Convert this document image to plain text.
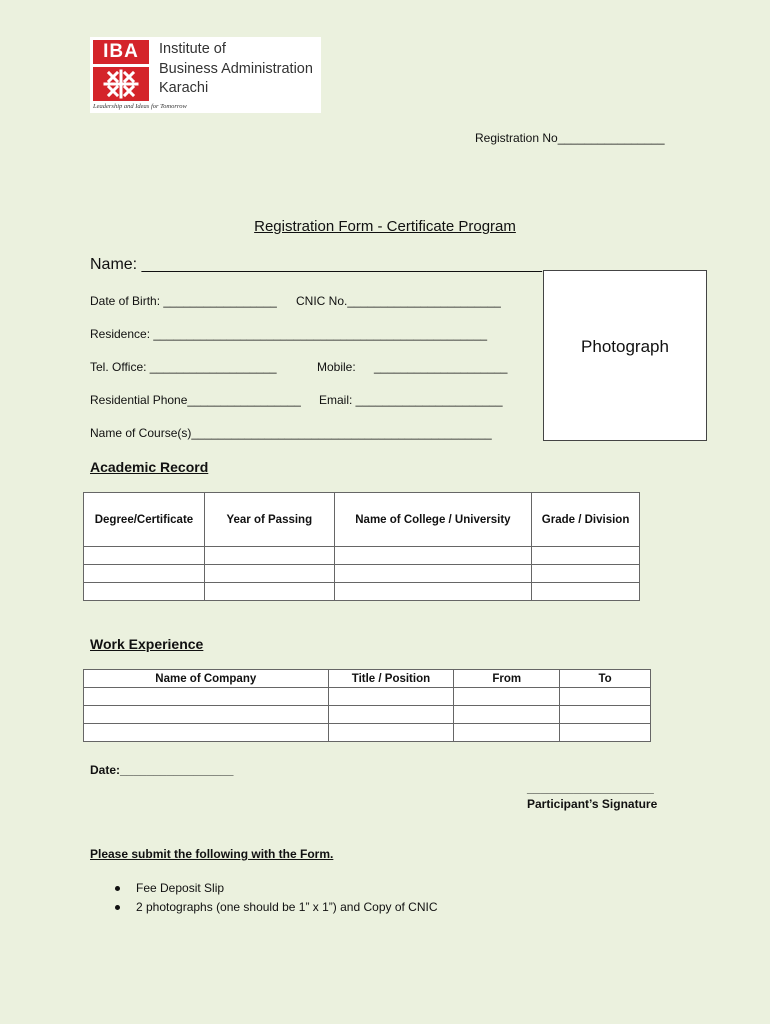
IBA	Institute of
Business Administration
Karachi
Leadership and Ideas for Tomorrow
Registration No________________
Registration Form - Certificate Program
Name: _____________________________________________
Date of Birth: _________________ CNIC No._______________________
Residence: __________________________________________________
Tel. Office: ___________________	Mobile: ____________________
Residential Phone_________________ Email: ______________________
Name of Course(s)_____________________________________________
Photograph
Academic Record
Degree/Certificate	Year of Passing	Name of College / University	Grade / Division

Work Experience
Name of Company	Title / Position	From	To

Date:_________________
___________________
Participant’s Signature
Please submit the following with the Form.
Fee Deposit Slip
2 photographs (one should be 1” x 1”) and Copy of CNIC
